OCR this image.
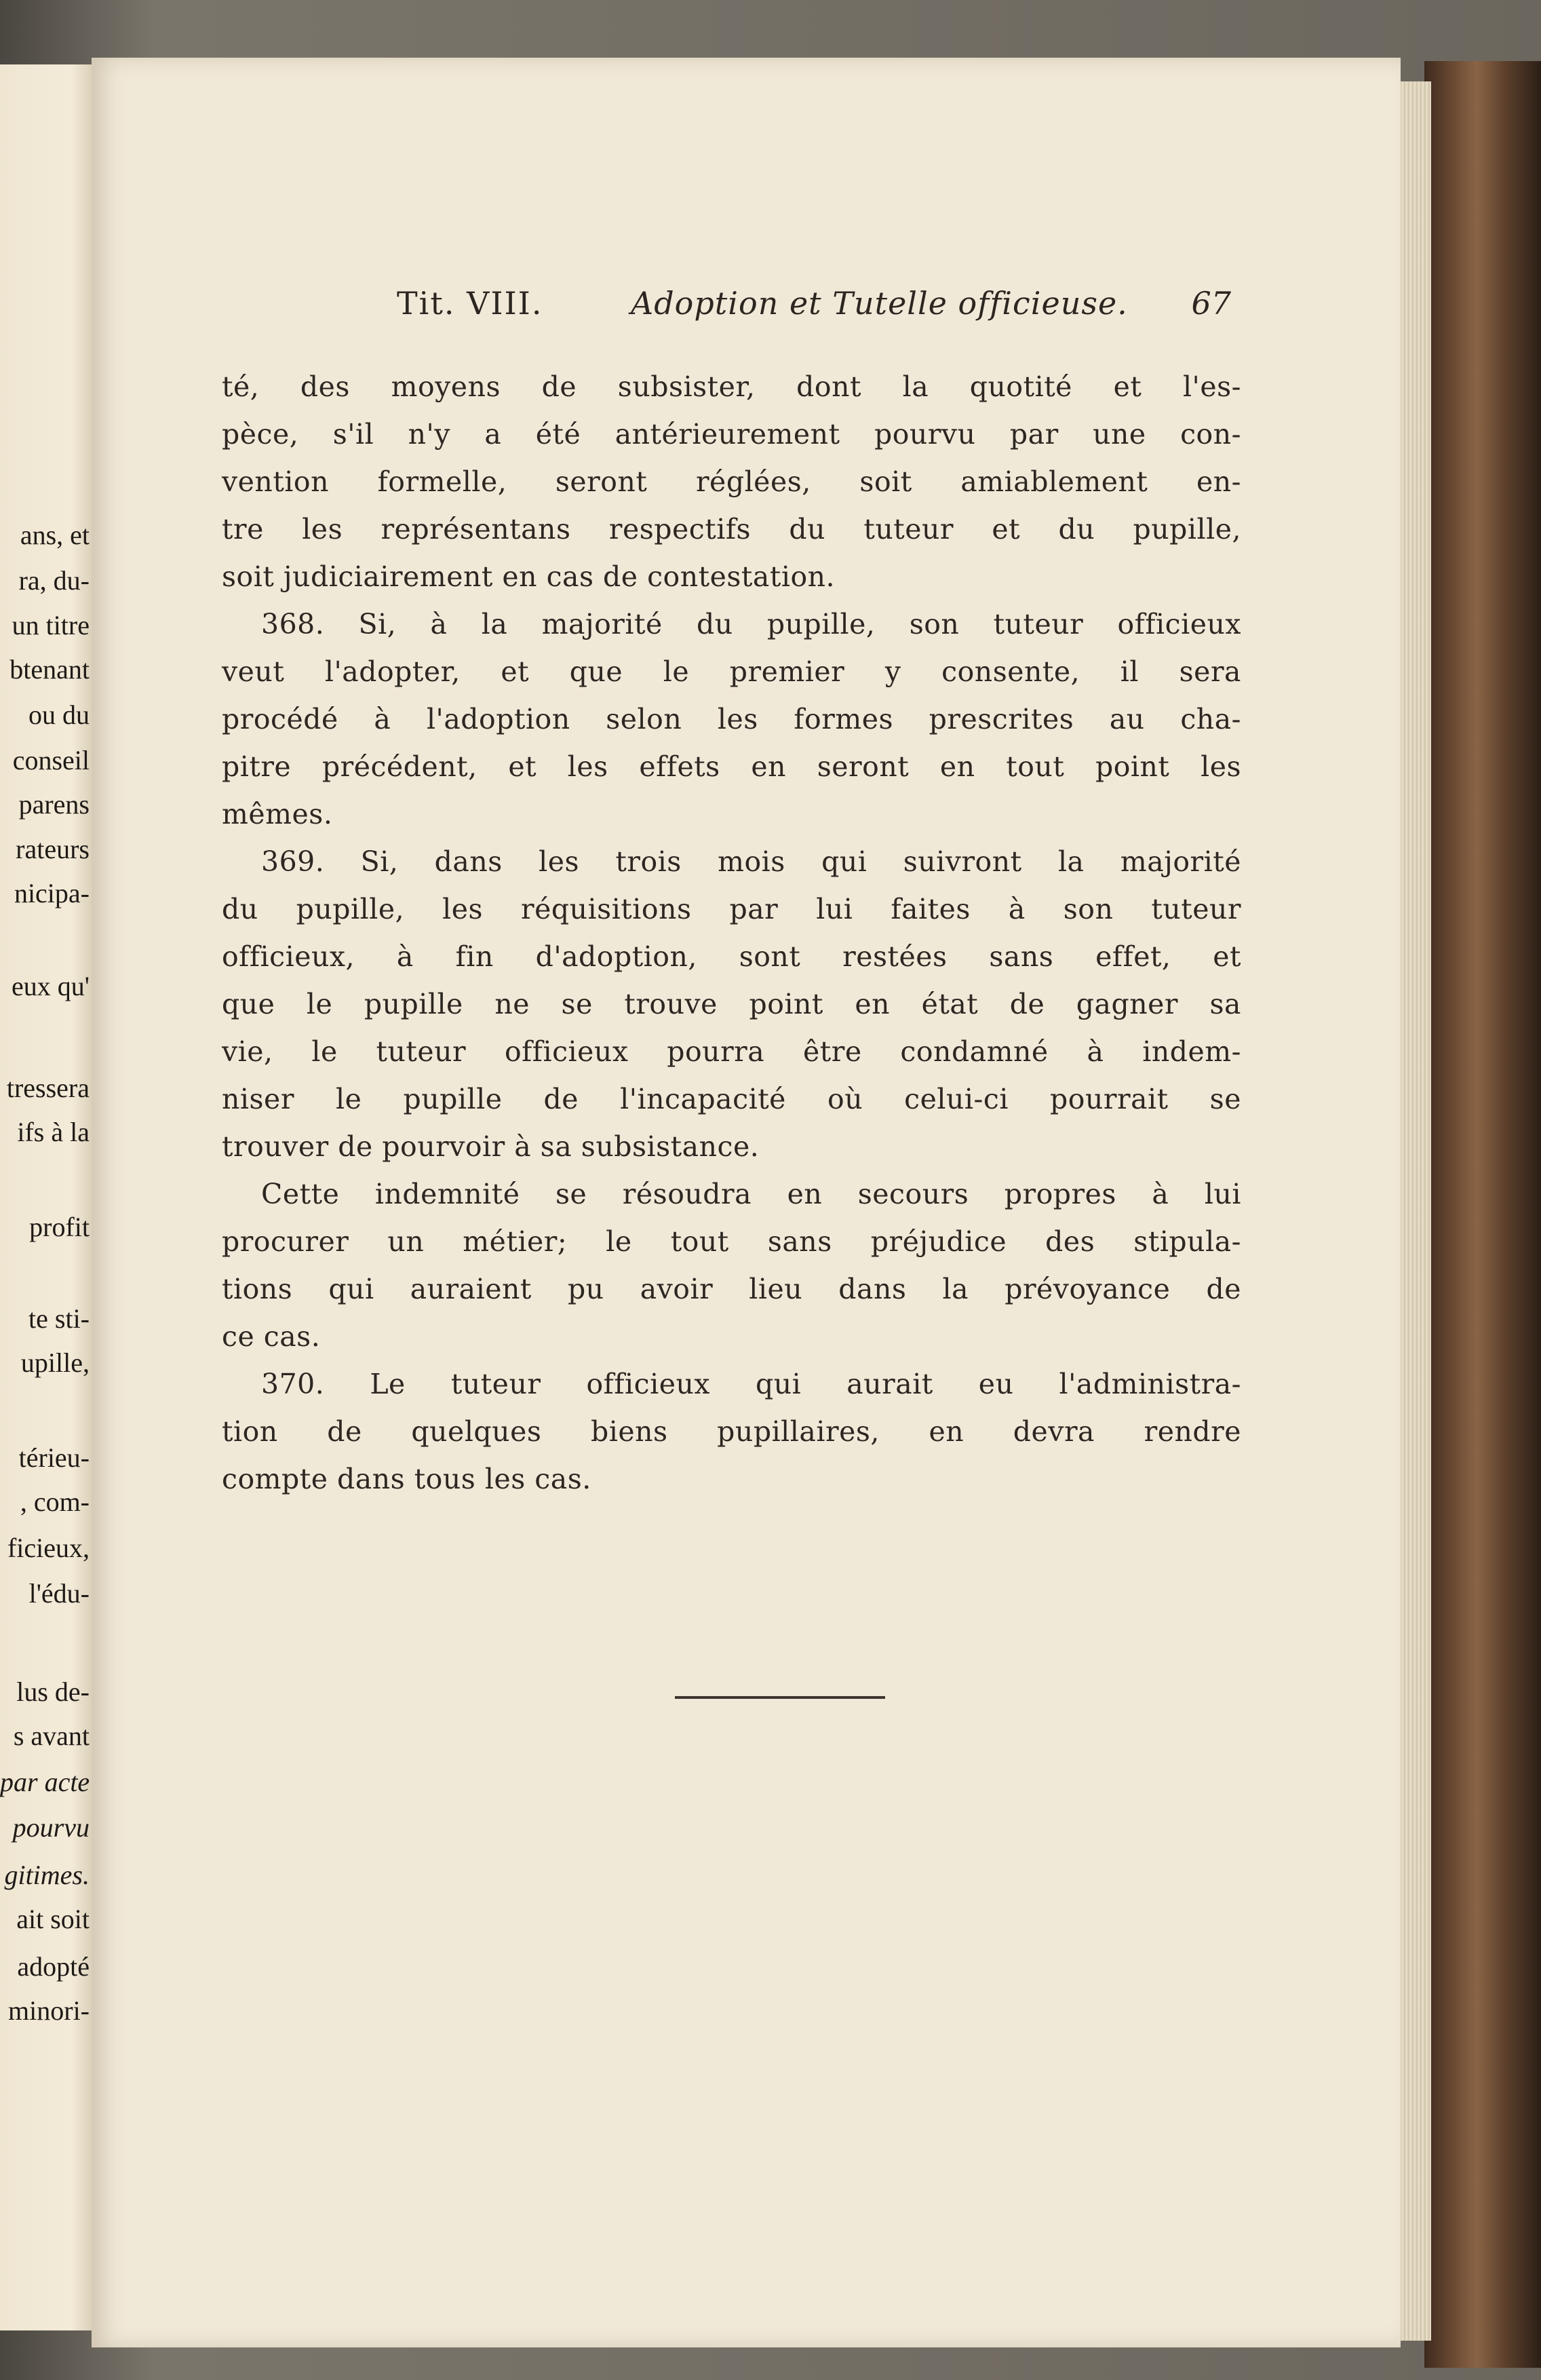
ans, et
ra, du-
un titre
btenant
ou du
conseil
parens
rateurs
nicipa-
eux qu'
tressera
ifs à la
profit
te sti-
upille,
térieu-
, com-
ficieux,
l'édu-
lus de-
s avant
par acte
pourvu
gitimes.
ait soit
adopté
minori-
Tit. VIII.	Adoption et Tutelle officieuse. 67
té, des moyens de subsister, dont la quotité et l'es-
pèce, s'il n'y a été antérieurement pourvu par une con-
vention formelle, seront réglées, soit amiablement en-
tre les représentans respectifs du tuteur et du pupille,
soit judiciairement en cas de contestation.
368. Si, à la majorité du pupille, son tuteur officieux
veut l'adopter, et que le premier y consente, il sera
procédé à l'adoption selon les formes prescrites au cha-
pitre précédent, et les effets en seront en tout point les
mêmes.
369. Si, dans les trois mois qui suivront la majorité
du pupille, les réquisitions par lui faites à son tuteur
officieux, à fin d'adoption, sont restées sans effet, et
que le pupille ne se trouve point en état de gagner sa
vie, le tuteur officieux pourra être condamné à indem-
niser le pupille de l'incapacité où celui-ci pourrait se
trouver de pourvoir à sa subsistance.
Cette indemnité se résoudra en secours propres à lui
procurer un métier; le tout sans préjudice des stipula-
tions qui auraient pu avoir lieu dans la prévoyance de
ce cas.
370. Le tuteur officieux qui aurait eu l'administra-
tion de quelques biens pupillaires, en devra rendre
compte dans tous les cas.
